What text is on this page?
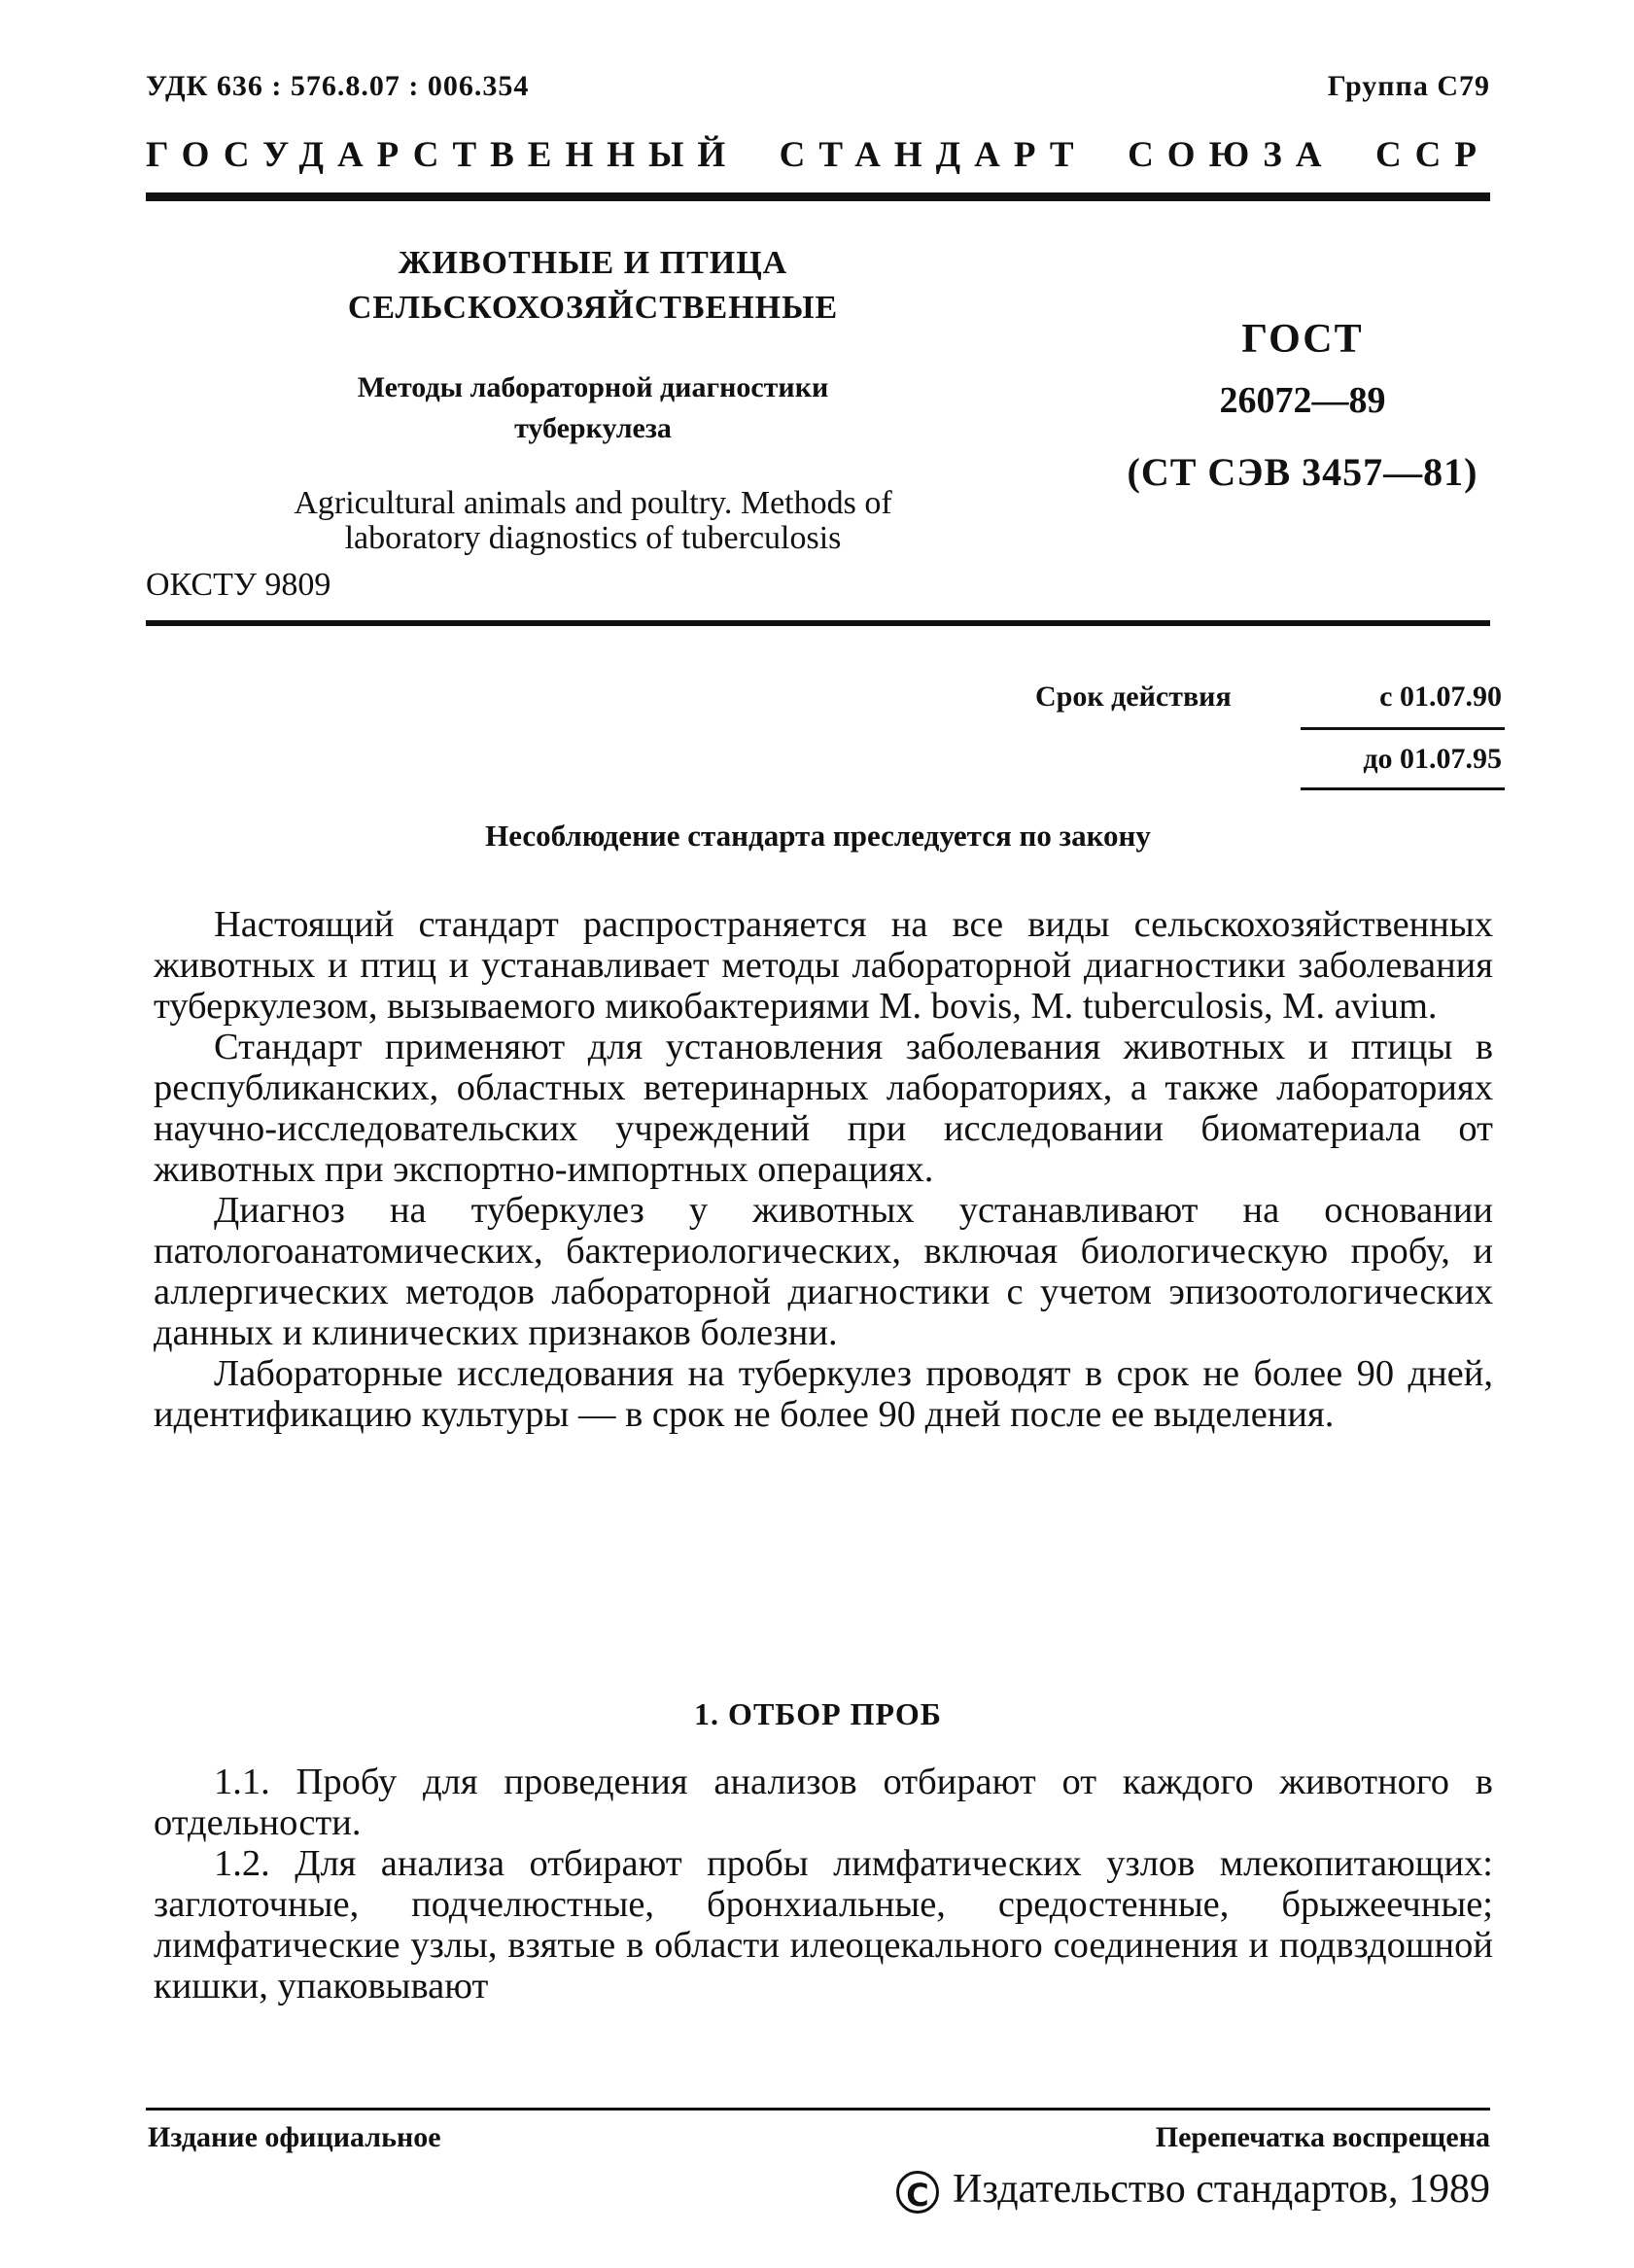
УДК 636 : 576.8.07 : 006.354	Группа С79
ГОСУДАРСТВЕННЫЙ СТАНДАРТ СОЮЗА ССР
ЖИВОТНЫЕ И ПТИЦА
СЕЛЬСКОХОЗЯЙСТВЕННЫЕ
Методы лабораторной диагностики
туберкулеза
Agricultural animals and poultry. Methods of
laboratory diagnostics of tuberculosis
ОКСТУ 9809
ГОСТ
26072—89
(СТ СЭВ 3457—81)
Срок действия	с 01.07.90
до 01.07.95
Несоблюдение стандарта преследуется по закону

Настоящий стандарт распространяется на все виды сельскохозяйственных животных и птиц и устанавливает методы лабораторной диагностики заболевания туберкулезом, вызываемого микобактериями M. bovis, M. tuberculosis, M. avium.

Стандарт применяют для установления заболевания животных и птицы в республиканских, областных ветеринарных лабораториях, а также лабораториях научно-исследовательских учреждений при исследовании биоматериала от животных при экспортно-импортных операциях.

Диагноз на туберкулез у животных устанавливают на основании патологоанатомических, бактериологических, включая биологическую пробу, и аллергических методов лабораторной диагностики с учетом эпизоотологических данных и клинических признаков болезни.

Лабораторные исследования на туберкулез проводят в срок не более 90 дней, идентификацию культуры — в срок не более 90 дней после ее выделения.

1. ОТБОР ПРОБ

1.1. Пробу для проведения анализов отбирают от каждого животного в отдельности.

1.2. Для анализа отбирают пробы лимфатических узлов млекопитающих: заглоточные, подчелюстные, бронхиальные, средостенные, брыжеечные; лимфатические узлы, взятые в области илеоцекального соединения и подвздошной кишки, упаковывают

Издание официальное	Перепечатка воспрещена
С Издательство стандартов, 1989
